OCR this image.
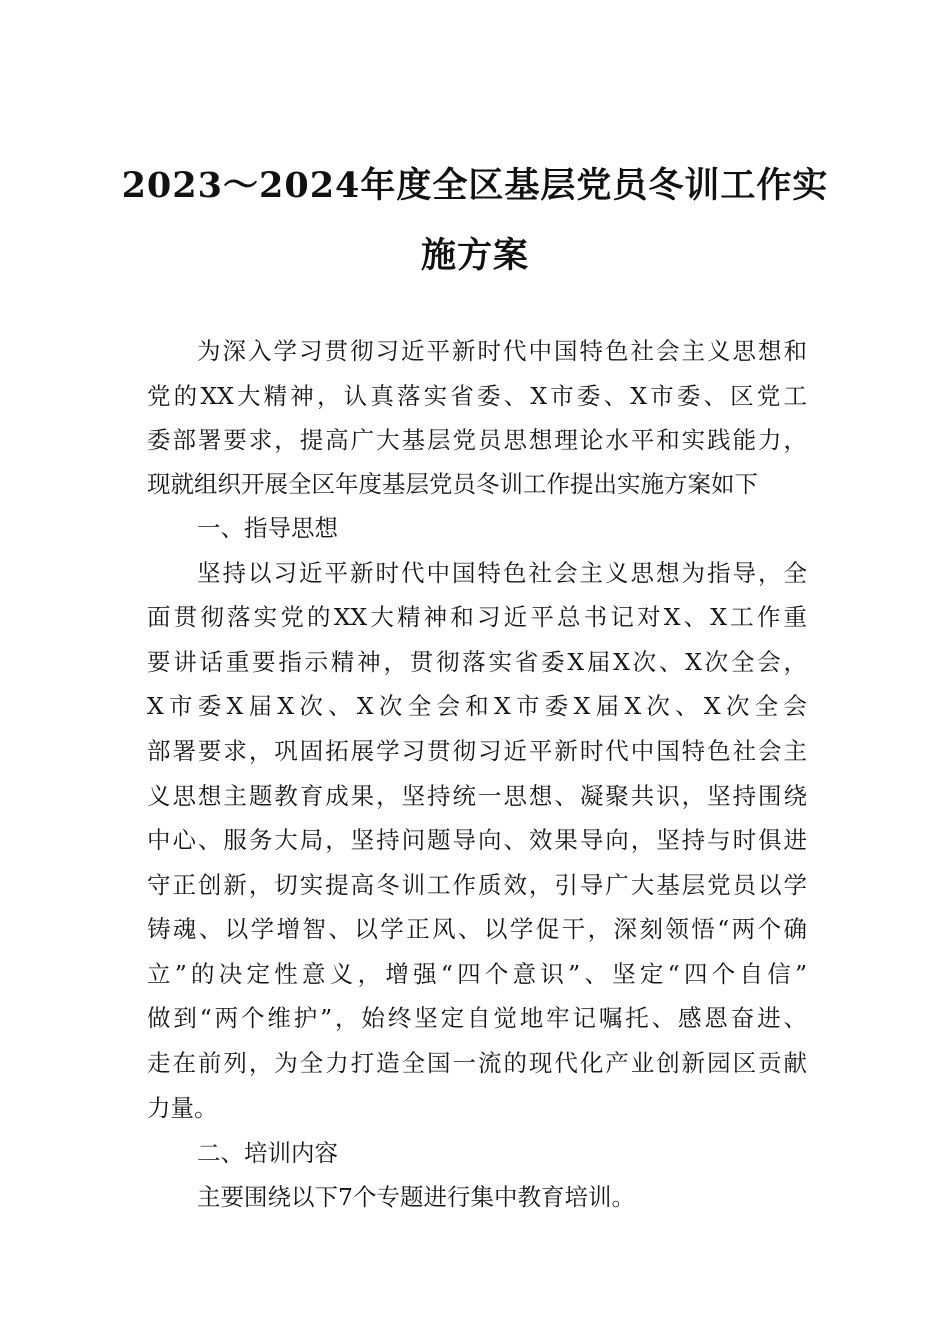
2023～2024年度全区基层党员冬训工作实
施方案
为深入学习贯彻习近平新时代中国特色社会主义思想和
党的XX大精神，认真落实省委、X市委、X市委、区党工
委部署要求，提高广大基层党员思想理论水平和实践能力，
现就组织开展全区年度基层党员冬训工作提出实施方案如下
一、指导思想
坚持以习近平新时代中国特色社会主义思想为指导，全
面贯彻落实党的XX大精神和习近平总书记对X、X工作重
要讲话重要指示精神，贯彻落实省委X届X次、X次全会，
X市委X届X次、X次全会和X市委X届X次、X次全会
部署要求，巩固拓展学习贯彻习近平新时代中国特色社会主
义思想主题教育成果，坚持统一思想、凝聚共识，坚持围绕
中心、服务大局，坚持问题导向、效果导向，坚持与时俱进
守正创新，切实提高冬训工作质效，引导广大基层党员以学
铸魂、以学增智、以学正风、以学促干，深刻领悟“两个确
立”的决定性意义，增强“四个意识”、坚定“四个自信”
做到“两个维护”，始终坚定自觉地牢记嘱托、感恩奋进、
走在前列，为全力打造全国一流的现代化产业创新园区贡献
力量。
二、培训内容
主要围绕以下7个专题进行集中教育培训。
